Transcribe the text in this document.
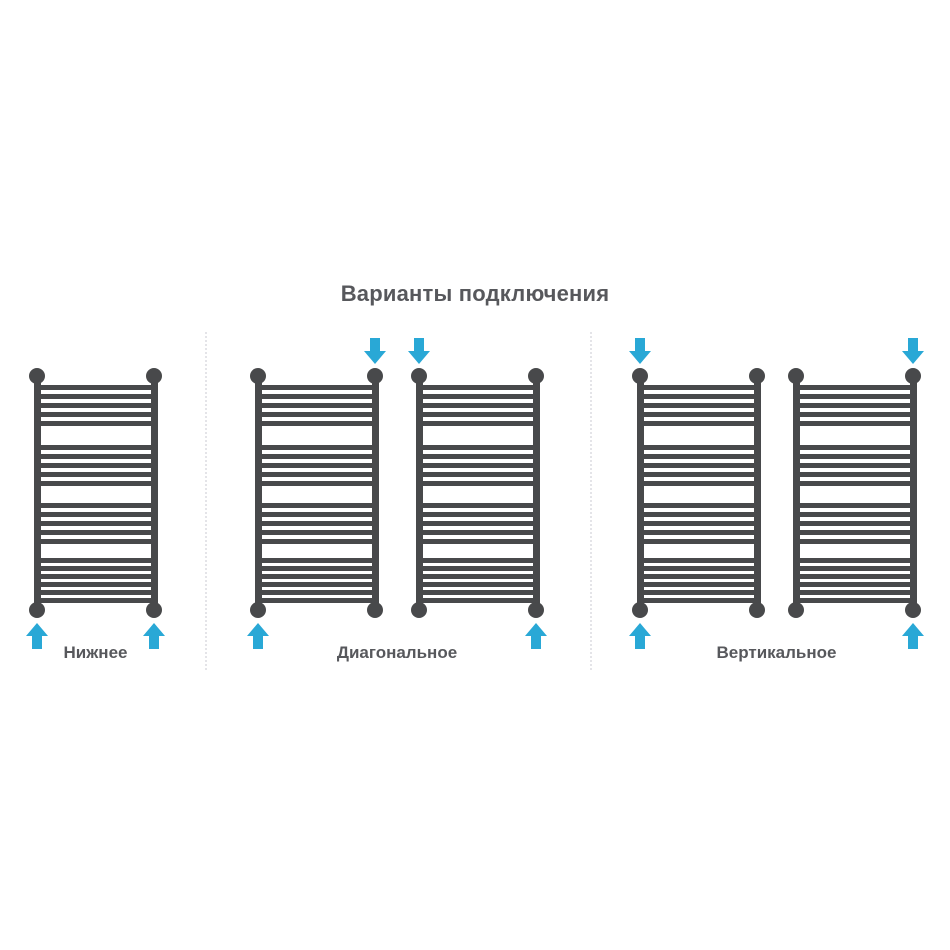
Варианты подключения
Нижнее	Диагональное	Вертикальное
